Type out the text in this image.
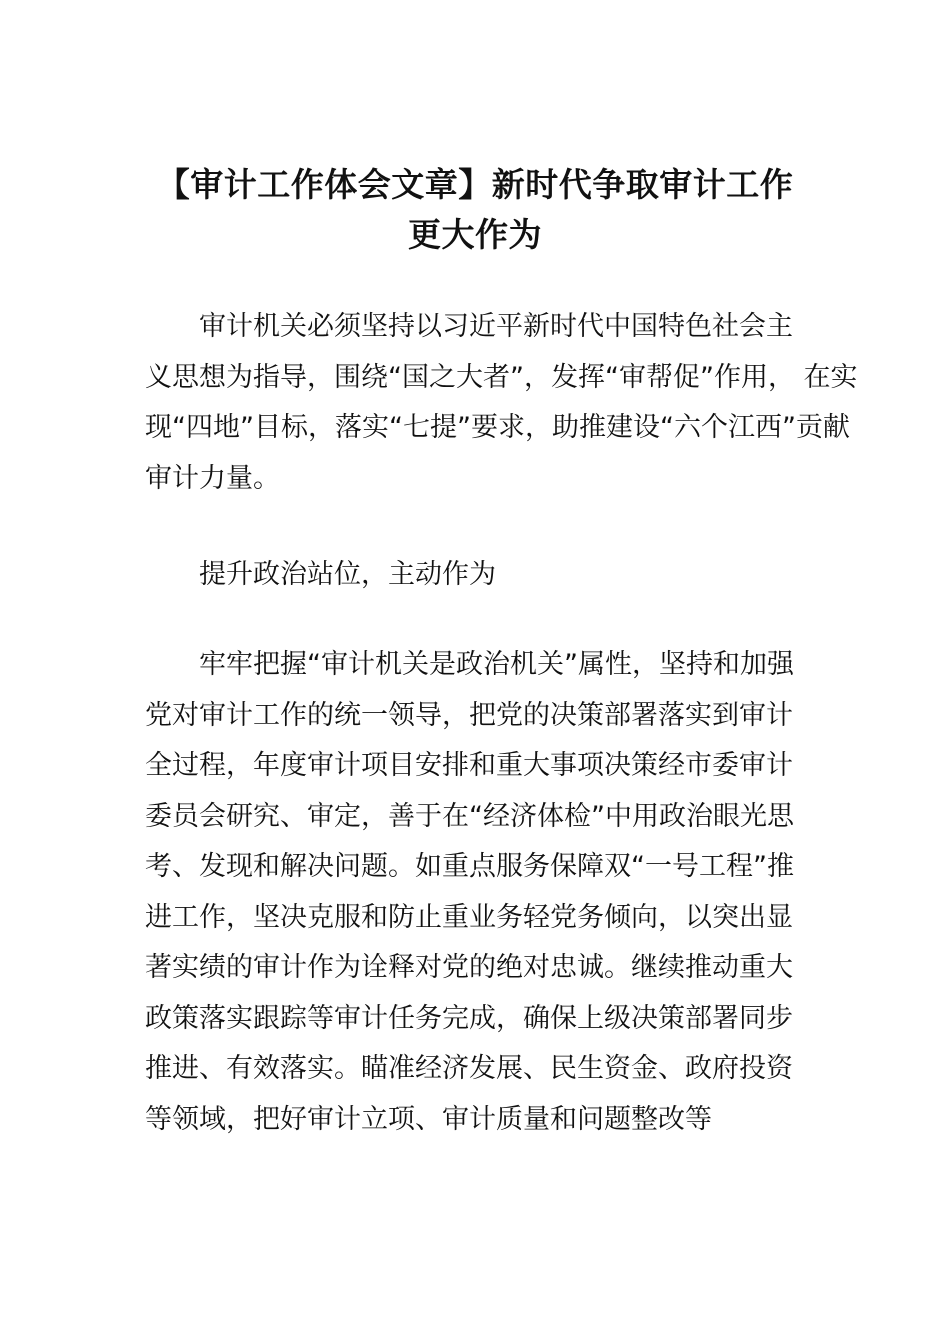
【审计工作体会文章】新时代争取审计工作
更大作为

审计机关必须坚持以习近平新时代中国特色社会主
义思想为指导，围绕“国之大者”，发挥“审帮促”作用， 在实
现“四地”目标，落实“七提”要求，助推建设“六个江西”贡献
审计力量。

提升政治站位，主动作为

牢牢把握“审计机关是政治机关”属性，坚持和加强
党对审计工作的统一领导，把党的决策部署落实到审计
全过程，年度审计项目安排和重大事项决策经市委审计
委员会研究、审定，善于在“经济体检”中用政治眼光思
考、发现和解决问题。如重点服务保障双“一号工程”推
进工作，坚决克服和防止重业务轻党务倾向，以突出显
著实绩的审计作为诠释对党的绝对忠诚。继续推动重大
政策落实跟踪等审计任务完成，确保上级决策部署同步
推进、有效落实。瞄准经济发展、民生资金、政府投资
等领域，把好审计立项、审计质量和问题整改等
